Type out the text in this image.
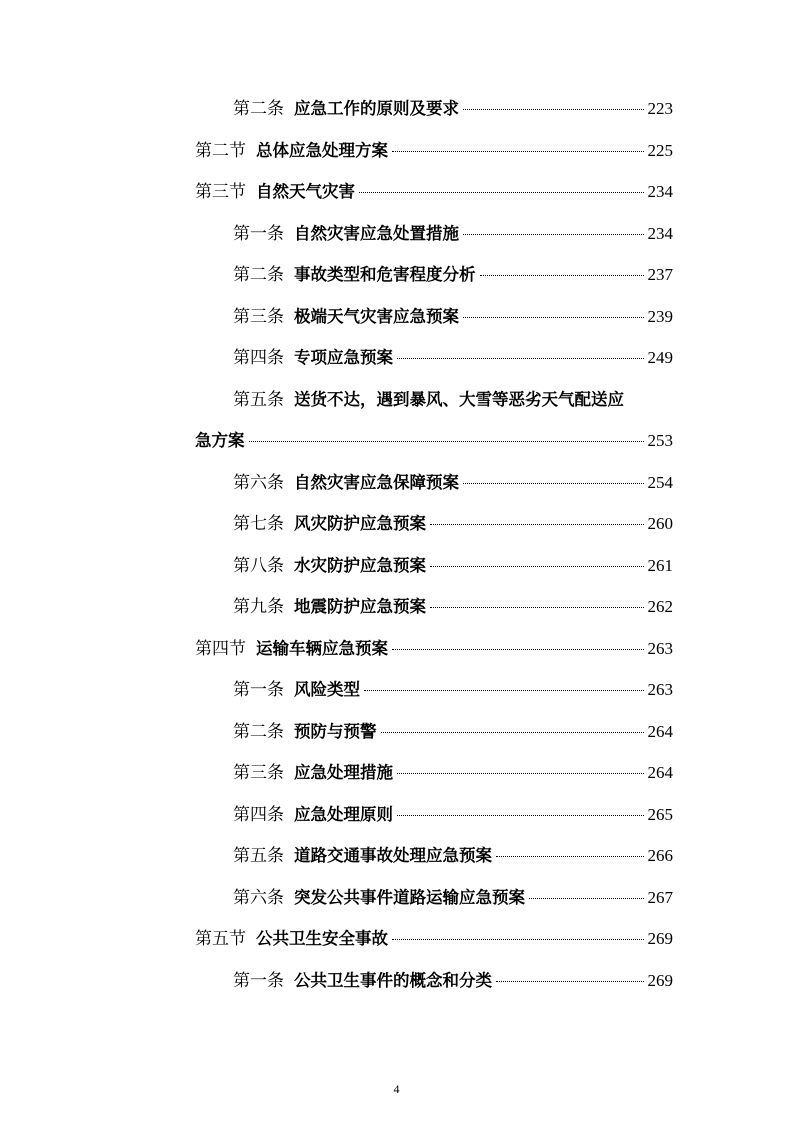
第二条 应急工作的原则及要求	223
第二节 总体应急处理方案	225
第三节 自然天气灾害	234
第一条 自然灾害应急处置措施	234
第二条 事故类型和危害程度分析	237
第三条 极端天气灾害应急预案	239
第四条 专项应急预案	249
第五条 送货不达，遇到暴风、大雪等恶劣天气配送应
急方案	253
第六条 自然灾害应急保障预案	254
第七条 风灾防护应急预案	260
第八条 水灾防护应急预案	261
第九条 地震防护应急预案	262
第四节 运输车辆应急预案	263
第一条 风险类型	263
第二条 预防与预警	264
第三条 应急处理措施	264
第四条 应急处理原则	265
第五条 道路交通事故处理应急预案	266
第六条 突发公共事件道路运输应急预案	267
第五节 公共卫生安全事故	269
第一条 公共卫生事件的概念和分类	269
4
